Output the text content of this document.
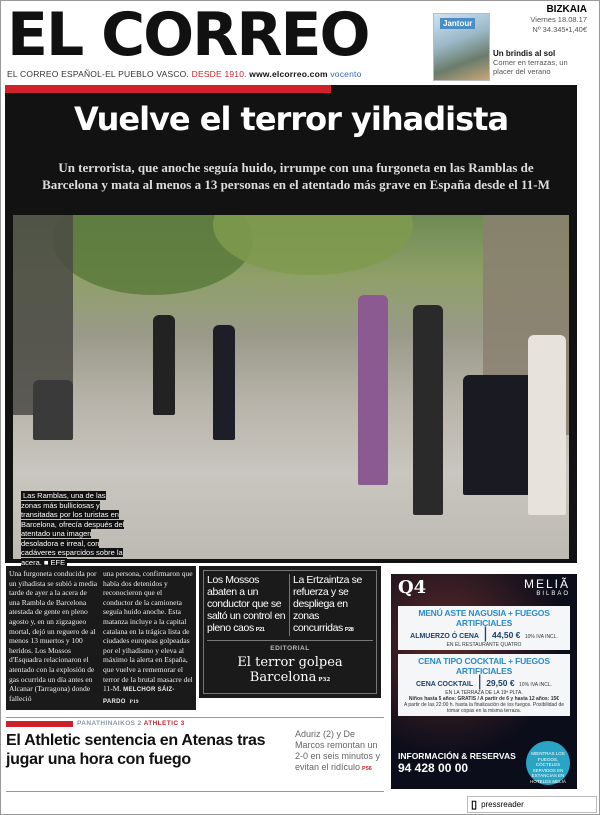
EL CORREO
EL CORREO ESPAÑOL-EL PUEBLO VASCO. DESDE 1910. www.elcorreo.com vocento
Jantour
Un brindis al sol
Comer en terrazas, un placer del verano
BIZKAIA
Viernes 18.08.17
Nº 34.345•1,40€
Vuelve el terror yihadista
Un terrorista, que anoche seguía huido, irrumpe con una furgoneta en las Ramblas de Barcelona y mata al menos a 13 personas en el atentado más grave en España desde el 11-M
Las Ramblas, una de las zonas más bulliciosas y transitadas por los turistas en Barcelona, ofrecía después del atentado una imagen desoladora e irreal, con cadáveres esparcidos sobre la acera. ■ EFE
Una furgoneta conducida por un yihadista se subió a media tarde de ayer a la acera de una Rambla de Barcelona atestada de gente en pleno agosto y, en un zigzagueo mortal, dejó un reguero de al menos 13 muertos y 100 heridos. Los Mossos d'Esquadra relacionaron el atentado con la explosión de gas ocurrida un día antes en Alcanar (Tarragona) donde falleció
una persona, confirmaron que había dos detenidos y reconocieron que el conductor de la camioneta seguía huido anoche. Esta matanza incluye a la capital catalana en la trágica lista de ciudades europeas golpeadas por el yihadismo y eleva al máximo la alerta en España, que vuelve a rememorar el terror de la brutal masacre del 11-M. MELCHOR SÁIZ-PARDO P19
Los Mossos abaten a un conductor que se saltó un control en pleno caos P21
La Ertzaintza se refuerza y se despliega en zonas concurridas P28
EDITORIAL
El terror golpea Barcelona P32
Q4	MELIÃ
BILBAO
MENÚ ASTE NAGUSIA + FUEGOS ARTIFICIALES
ALMUERZO Ó CENA | 44,50 € 10% IVA INCL.
EN EL RESTAURANTE QUATRO
CENA TIPO COCKTAIL + FUEGOS ARTIFICIALES
CENA COCKTAIL | 29,50 € 10% IVA INCL.
EN LA TERRAZA DE LA 19ª PLTA.
Niños hasta 5 años: GRATIS / A partir de 6 y hasta 12 años: 15€
A partir de las 22:00 h. hasta la finalización de los fuegos. Posibilidad de tomar copas en la misma terraza.
INFORMACIÓN & RESERVAS
94 428 00 00
MIENTRAS LOS FUEGOS, CÓCTELES SERVIDOS EN ESTANCIAS EN HOTELES MELIÁ
PANATHINAIKOS 2 ATHLETIC 3
El Athletic sentencia en Atenas tras jugar una hora con fuego
Aduriz (2) y De Marcos remontan un 2-0 en seis minutos y evitan el ridículo P56
▯ pressreader
